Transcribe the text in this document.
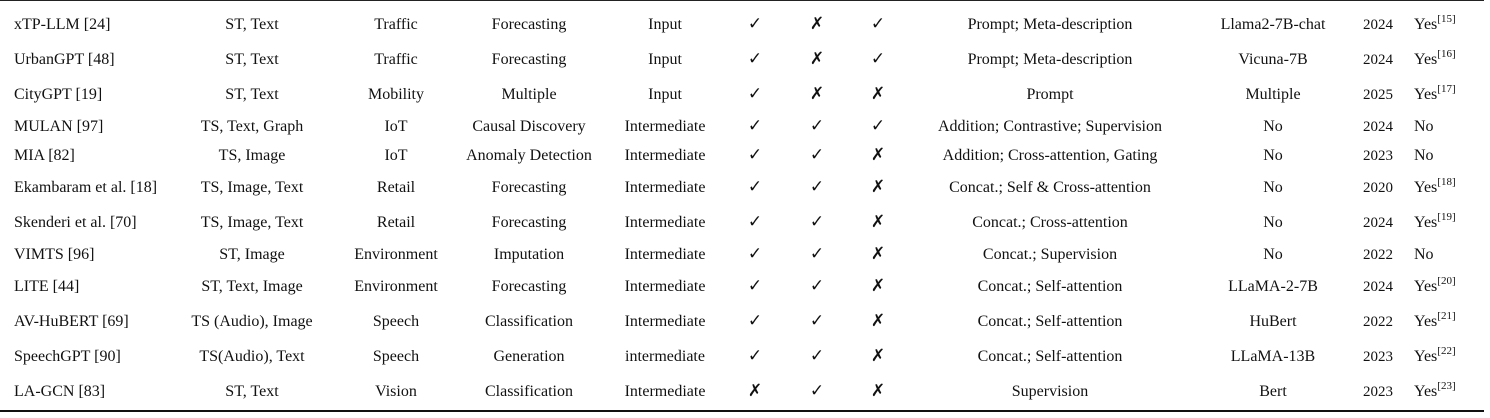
xTP-LLM [24]	ST, Text	Traffic	Forecasting	Input	✓	✗	✓	Prompt; Meta-description	Llama2-7B-chat	2024	Yes[15]
UrbanGPT [48]	ST, Text	Traffic	Forecasting	Input	✓	✗	✓	Prompt; Meta-description	Vicuna-7B	2024	Yes[16]
CityGPT [19]	ST, Text	Mobility	Multiple	Input	✓	✗	✗	Prompt	Multiple	2025	Yes[17]
MULAN [97]	TS, Text, Graph	IoT	Causal Discovery	Intermediate	✓	✓	✓	Addition; Contrastive; Supervision	No	2024	No
MIA [82]	TS, Image	IoT	Anomaly Detection	Intermediate	✓	✓	✗	Addition; Cross-attention, Gating	No	2023	No
Ekambaram et al. [18]	TS, Image, Text	Retail	Forecasting	Intermediate	✓	✓	✗	Concat.; Self & Cross-attention	No	2020	Yes[18]
Skenderi et al. [70]	TS, Image, Text	Retail	Forecasting	Intermediate	✓	✓	✗	Concat.; Cross-attention	No	2024	Yes[19]
VIMTS [96]	ST, Image	Environment	Imputation	Intermediate	✓	✓	✗	Concat.; Supervision	No	2022	No
LITE [44]	ST, Text, Image	Environment	Forecasting	Intermediate	✓	✓	✗	Concat.; Self-attention	LLaMA-2-7B	2024	Yes[20]
AV-HuBERT [69]	TS (Audio), Image	Speech	Classification	Intermediate	✓	✓	✗	Concat.; Self-attention	HuBert	2022	Yes[21]
SpeechGPT [90]	TS(Audio), Text	Speech	Generation	intermediate	✓	✓	✗	Concat.; Self-attention	LLaMA-13B	2023	Yes[22]
LA-GCN [83]	ST, Text	Vision	Classification	Intermediate	✗	✓	✗	Supervision	Bert	2023	Yes[23]
